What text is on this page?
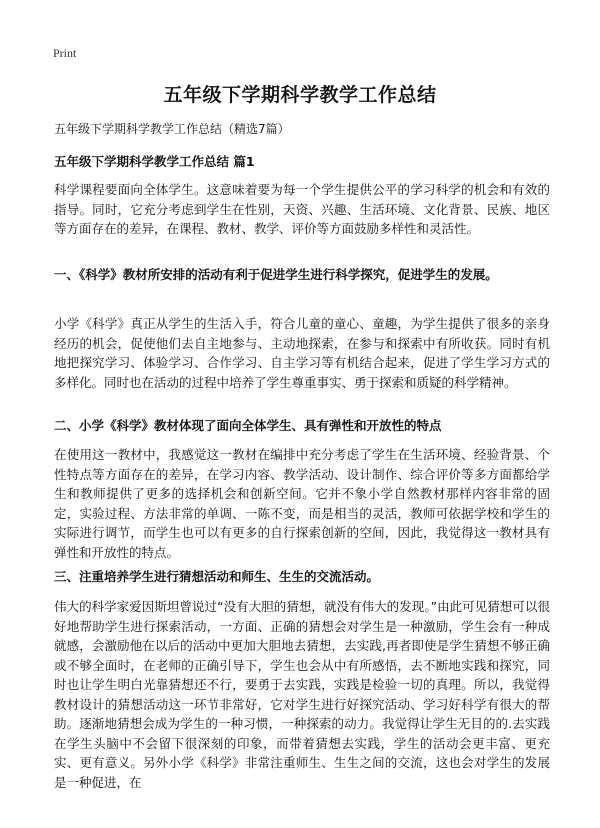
Print
五年级下学期科学教学工作总结
五年级下学期科学教学工作总结（精选7篇）
五年级下学期科学教学工作总结 篇1
科学课程要面向全体学生。这意味着要为每一个学生提供公平的学习科学的机会和有效的指导。同时，它充分考虑到学生在性别，天资、兴趣、生活环境、文化背景、民族、地区等方面存在的差异，在课程、教材、教学、评价等方面鼓励多样性和灵活性。
一、《科学》教材所安排的活动有利于促进学生进行科学探究，促进学生的发展。
小学《科学》真正从学生的生活入手，符合儿童的童心、童趣，为学生提供了很多的亲身经历的机会，促使他们去自主地参与、主动地探索，在参与和探索中有所收获。同时有机地把探究学习、体验学习、合作学习、自主学习等有机结合起来，促进了学生学习方式的多样化。同时也在活动的过程中培养了学生尊重事实、勇于探索和质疑的科学精神。
二、小学《科学》教材体现了面向全体学生、具有弹性和开放性的特点
在使用这一教材中，我感觉这一教材在编排中充分考虑了学生在生活环境、经验背景、个性特点等方面存在的差异，在学习内容、教学活动、设计制作、综合评价等多方面都给学生和教师提供了更多的选择机会和创新空间。它并不象小学自然教材那样内容非常的固定，实验过程、方法非常的单调、一陈不变，而是相当的灵活，教师可依据学校和学生的实际进行调节，而学生也可以有更多的自行探索创新的空间，因此，我觉得这一教材具有弹性和开放性的特点。
三、注重培养学生进行猜想活动和师生、生生的交流活动。
伟大的科学家爱因斯坦曾说过“没有大胆的猜想，就没有伟大的发现。”由此可见猜想可以很好地帮助学生进行探索活动，一方面、正确的猜想会对学生是一种激励，学生会有一种成就感，会激励他在以后的活动中更加大胆地去猜想，去实践,再者即使是学生猜想不够正确或不够全面时，在老师的正确引导下，学生也会从中有所感悟，去不断地实践和探究，同时也让学生明白光靠猜想还不行，要勇于去实践，实践是检验一切的真理。所以，我觉得教材设计的猜想活动这一环节非常好，它对学生进行好探究活动、学习好科学有很大的帮助。逐渐地猜想会成为学生的一种习惯，一种探索的动力。我觉得让学生无目的的.去实践在学生头脑中不会留下很深刻的印象，而带着猜想去实践，学生的活动会更丰富、更充实、更有意义。另外小学《科学》非常注重师生、生生之间的交流，这也会对学生的发展是一种促进，在
